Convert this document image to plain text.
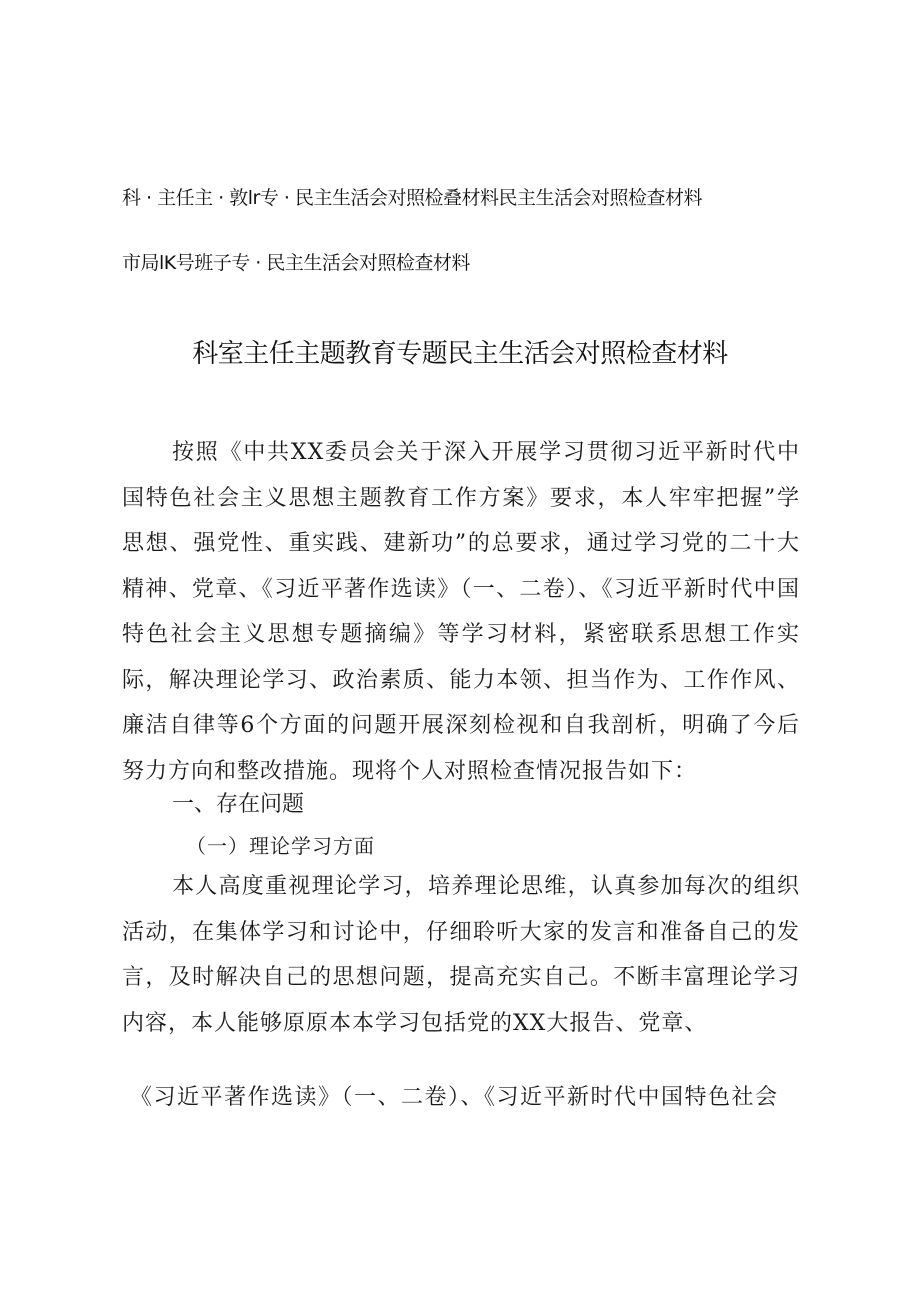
科 · 主任主 · 敦lr专 · 民主生活会对照检叠材料民主生活会对照检查材料
市局lK号班子专 · 民主生活会对照检查材料
科室主任主题教育专题民主生活会对照检查材料

按照《中共XX委员会关于深入开展学习贯彻习近平新时代中国特色社会主义思想主题教育工作方案》要求，本人牢牢把握”学思想、强党性、重实践、建新功”的总要求，通过学习党的二十大精神、党章、《习近平著作选读》（一、二卷）、《习近平新时代中国特色社会主义思想专题摘编》等学习材料，紧密联系思想工作实际，解决理论学习、政治素质、能力本领、担当作为、工作作风、廉洁自律等6个方面的问题开展深刻检视和自我剖析，明确了今后努力方向和整改措施。现将个人对照检查情况报告如下：

一、存在问题
（一）理论学习方面

本人高度重视理论学习，培养理论思维，认真参加每次的组织活动，在集体学习和讨论中，仔细聆听大家的发言和准备自己的发言，及时解决自己的思想问题，提高充实自己。不断丰富理论学习内容，本人能够原原本本学习包括党的XX大报告、党章、

《习近平著作选读》（一、二卷）、《习近平新时代中国特色社会
